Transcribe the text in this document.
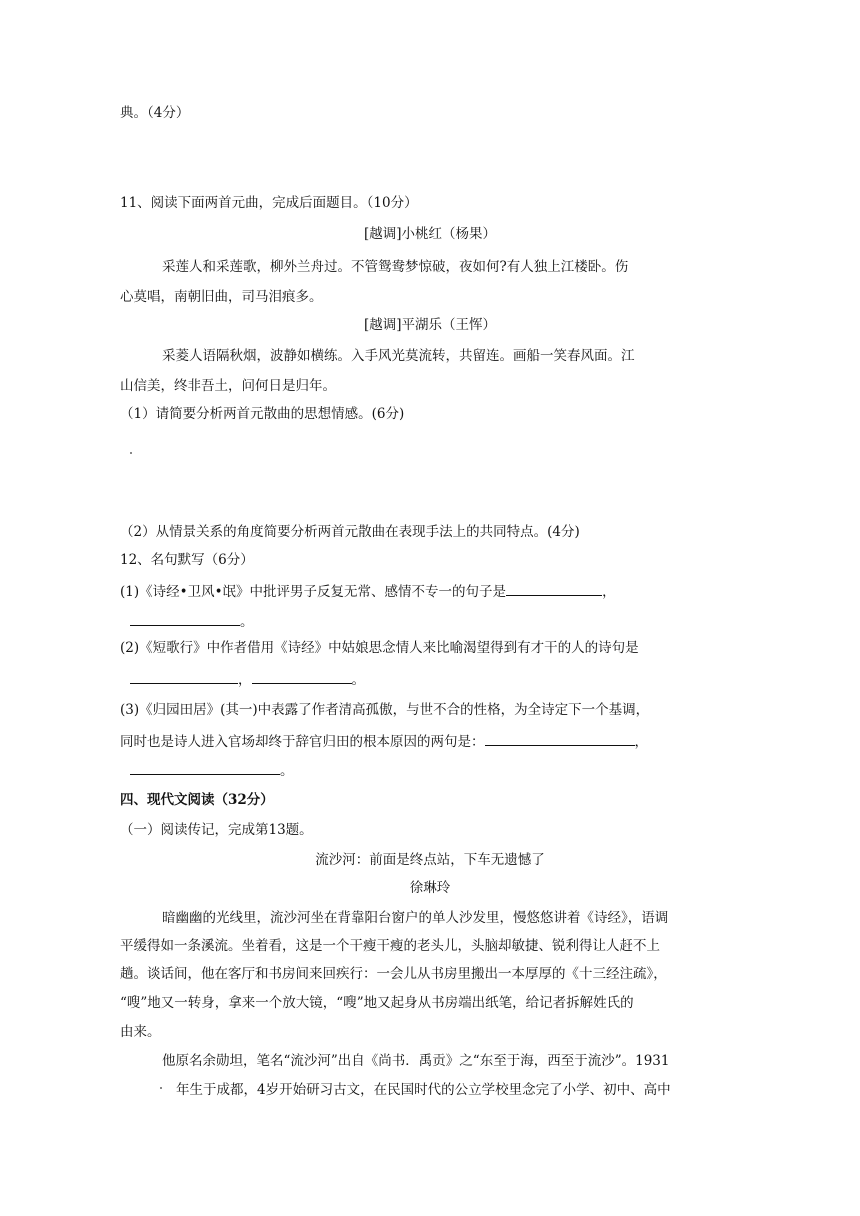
典。（4分）
11、阅读下面两首元曲，完成后面题目。（10分）
[越调]小桃红（杨果）
采莲人和采莲歌，柳外兰舟过。不管鸳鸯梦惊破，夜如何?有人独上江楼卧。伤
心莫唱，南朝旧曲，司马泪痕多。
[越调]平湖乐（王恽）
采菱人语隔秋烟，波静如横练。入手风光莫流转，共留连。画船一笑春风面。江
山信美，终非吾土，问何日是归年。
（1）请简要分析两首元散曲的思想情感。(6分)
（2）从情景关系的角度简要分析两首元散曲在表现手法上的共同特点。(4分)
12、名句默写（6分）
(1)《诗经•卫风•氓》中批评男子反复无常、感情不专一的句子是	，
。
(2)《短歌行》中作者借用《诗经》中姑娘思念情人来比喻渴望得到有才干的人的诗句是
，	。
(3)《归园田居》(其一)中表露了作者清高孤傲，与世不合的性格，为全诗定下一个基调，
同时也是诗人进入官场却终于辞官归田的根本原因的两句是：	，
。
四、现代文阅读（32分）
（一）阅读传记，完成第13题。
流沙河：前面是终点站，下车无遗憾了
徐琳玲
暗幽幽的光线里，流沙河坐在背靠阳台窗户的单人沙发里，慢悠悠讲着《诗经》，语调
平缓得如一条溪流。坐着看，这是一个干瘦干瘦的老头儿，头脑却敏捷、锐利得让人赶不上
趟。谈话间，他在客厅和书房间来回疾行：一会儿从书房里搬出一本厚厚的《十三经注疏》，
“嗖”地又一转身，拿来一个放大镜，“嗖”地又起身从书房端出纸笔，给记者拆解姓氏的
由来。
他原名余勋坦，笔名“流沙河”出自《尚书．禹贡》之“东至于海，西至于流沙”。1931
年生于成都，4岁开始研习古文，在民国时代的公立学校里念完了小学、初中、高中
